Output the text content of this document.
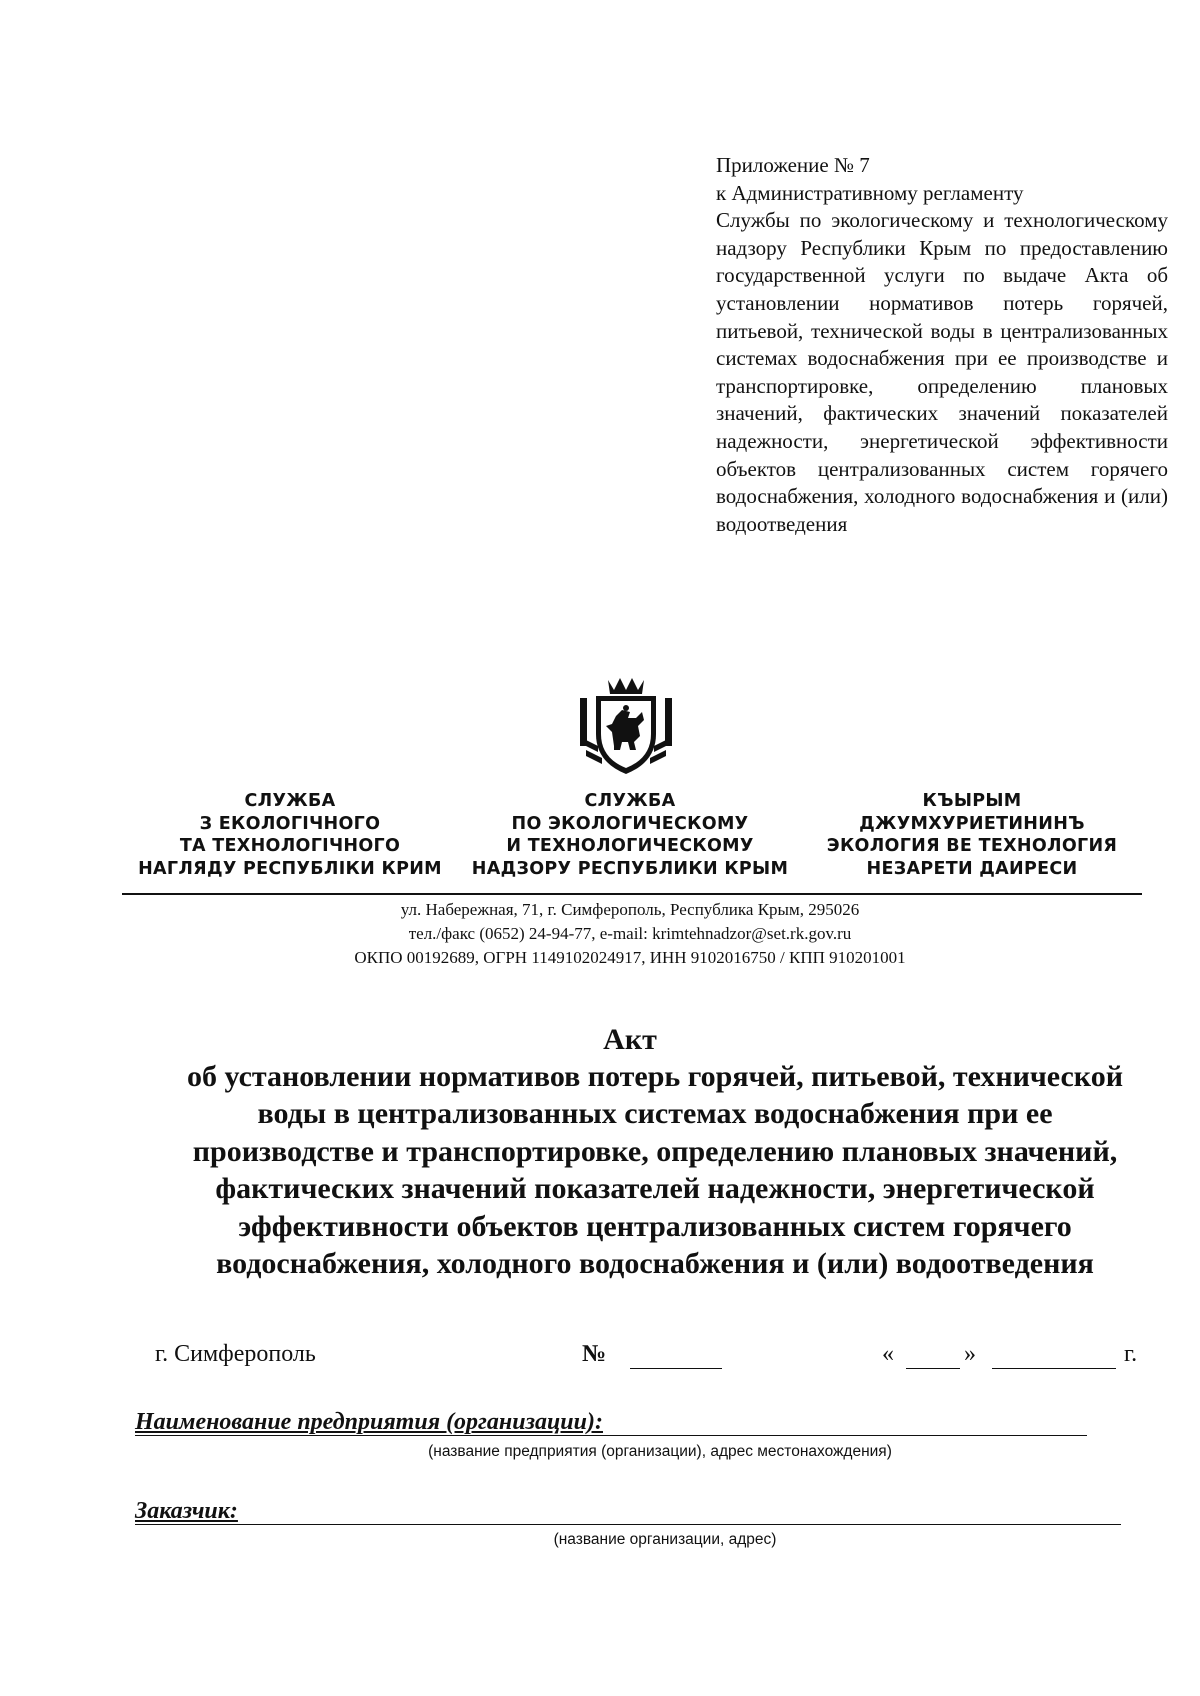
Приложение № 7
к Административному регламенту
Службы по экологическому и технологическому надзору Республики Крым по предоставлению государственной услуги по выдаче Акта об установлении нормативов потерь горячей, питьевой, технической воды в централизованных системах водоснабжения при ее производстве и транспортировке, определению плановых значений, фактических значений показателей надежности, энергетической эффективности объектов централизованных систем горячего водоснабжения, холодного водоснабжения и (или) водоотведения
СЛУЖБА
З ЕКОЛОГІЧНОГО
ТА ТЕХНОЛОГІЧНОГО
НАГЛЯДУ РЕСПУБЛІКИ КРИМ
СЛУЖБА
ПО ЭКОЛОГИЧЕСКОМУ
И ТЕХНОЛОГИЧЕСКОМУ
НАДЗОРУ РЕСПУБЛИКИ КРЫМ
КЪЫРЫМ
ДЖУМХУРИЕТИНИНЪ
ЭКОЛОГИЯ ВЕ ТЕХНОЛОГИЯ
НЕЗАРЕТИ ДАИРЕСИ
ул. Набережная, 71, г. Симферополь, Республика Крым, 295026
тел./факс (0652) 24-94-77, e-mail: krimtehnadzor@set.rk.gov.ru
ОКПО 00192689, ОГРН 1149102024917, ИНН 9102016750 / КПП 910201001
Акт
об установлении нормативов потерь горячей, питьевой, технической
воды в централизованных системах водоснабжения при ее
производстве и транспортировке, определению плановых значений,
фактических значений показателей надежности, энергетической
эффективности объектов централизованных систем горячего
водоснабжения, холодного водоснабжения и (или) водоотведения
г. Симферополь	№	«	»	г.
Наименование предприятия (организации):
(название предприятия (организации), адрес местонахождения)
Заказчик:
(название организации, адрес)
